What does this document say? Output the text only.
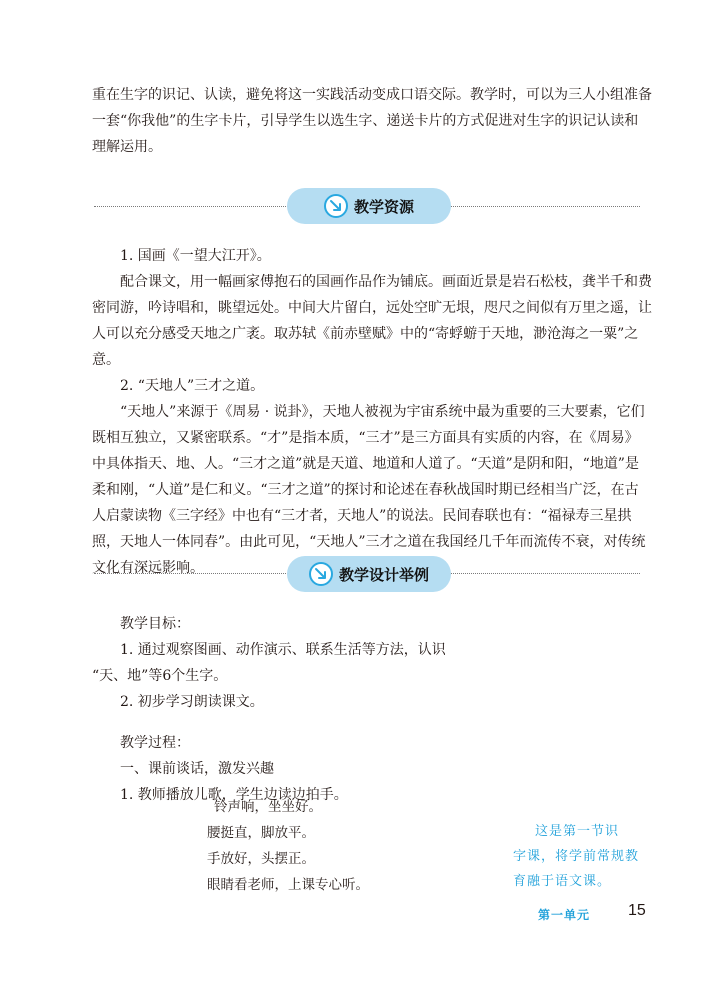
重在生字的识记、认读，避免将这一实践活动变成口语交际。教学时，可以为三人小组准备一套“你我他”的生字卡片，引导学生以选生字、递送卡片的方式促进对生字的识记认读和理解运用。

教学资源

1. 国画《一望大江开》。

配合课文，用一幅画家傅抱石的国画作品作为铺底。画面近景是岩石松枝，龚半千和费密同游，吟诗唱和，眺望远处。中间大片留白，远处空旷无垠，咫尺之间似有万里之遥，让人可以充分感受天地之广袤。取苏轼《前赤壁赋》中的“寄蜉蝣于天地，渺沧海之一粟”之意。

2. “天地人”三才之道。

“天地人”来源于《周易 · 说卦》，天地人被视为宇宙系统中最为重要的三大要素，它们既相互独立，又紧密联系。“才”是指本质，“三才”是三方面具有实质的内容，在《周易》中具体指天、地、人。“三才之道”就是天道、地道和人道了。“天道”是阴和阳，“地道”是柔和刚，“人道”是仁和义。“三才之道”的探讨和论述在春秋战国时期已经相当广泛，在古人启蒙读物《三字经》中也有“三才者，天地人”的说法。民间春联也有：“福禄寿三星拱照，天地人一体同春”。由此可见，“天地人”三才之道在我国经几千年而流传不衰，对传统文化有深远影响。	教学设计举例

教学目标：

1. 通过观察图画、动作演示、联系生活等方法，认识

“天、地”等6个生字。

2. 初步学习朗读课文。

教学过程：

一、课前谈话，激发兴趣

1. 教师播放儿歌，学生边读边拍手。

铃声响，坐坐好。

腰挺直，脚放平。

手放好，头摆正。

眼睛看老师，上课专心听。

这是第一节识

字课，将学前常规教

育融于语文课。

第一单元 15
